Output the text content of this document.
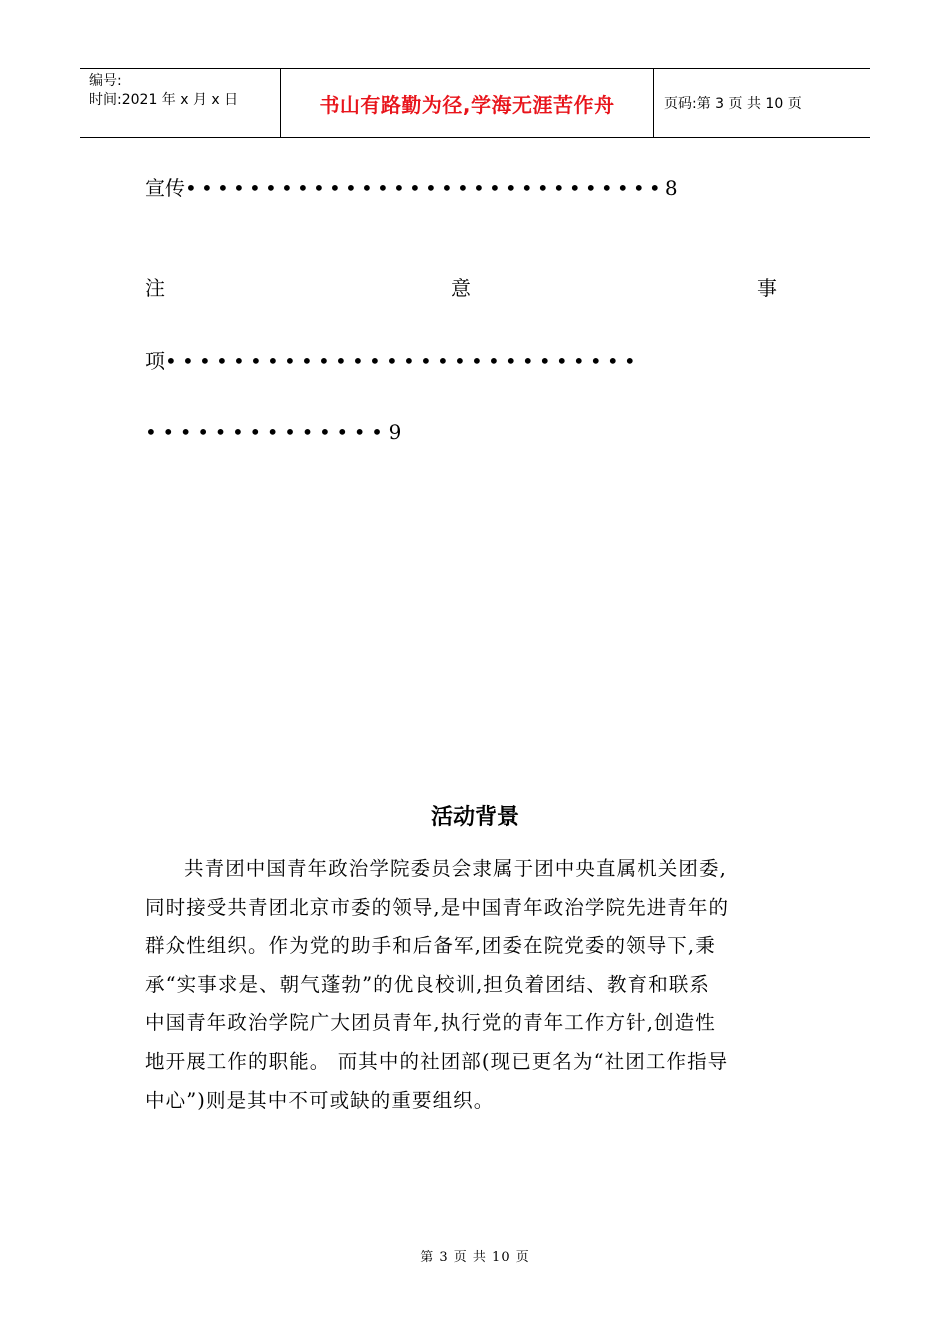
编号:
时间:2021 年 x 月 x 日	书山有路勤为径,学海无涯苦作舟	页码:第 3 页 共 10 页
宣传••••••••••••••••••••••••••••••8
注	意	事
项••••••••••••••••••••••••••••
••••••••••••••9
活动背景
共青团中国青年政治学院委员会隶属于团中央直属机关团委,
同时接受共青团北京市委的领导,是中国青年政治学院先进青年的
群众性组织。作为党的助手和后备军,团委在院党委的领导下,秉
承“实事求是、朝气蓬勃”的优良校训,担负着团结、教育和联系
中国青年政治学院广大团员青年,执行党的青年工作方针,创造性
地开展工作的职能。 而其中的社团部(现已更名为“社团工作指导
中心”)则是其中不可或缺的重要组织。
第 3 页 共 10 页
